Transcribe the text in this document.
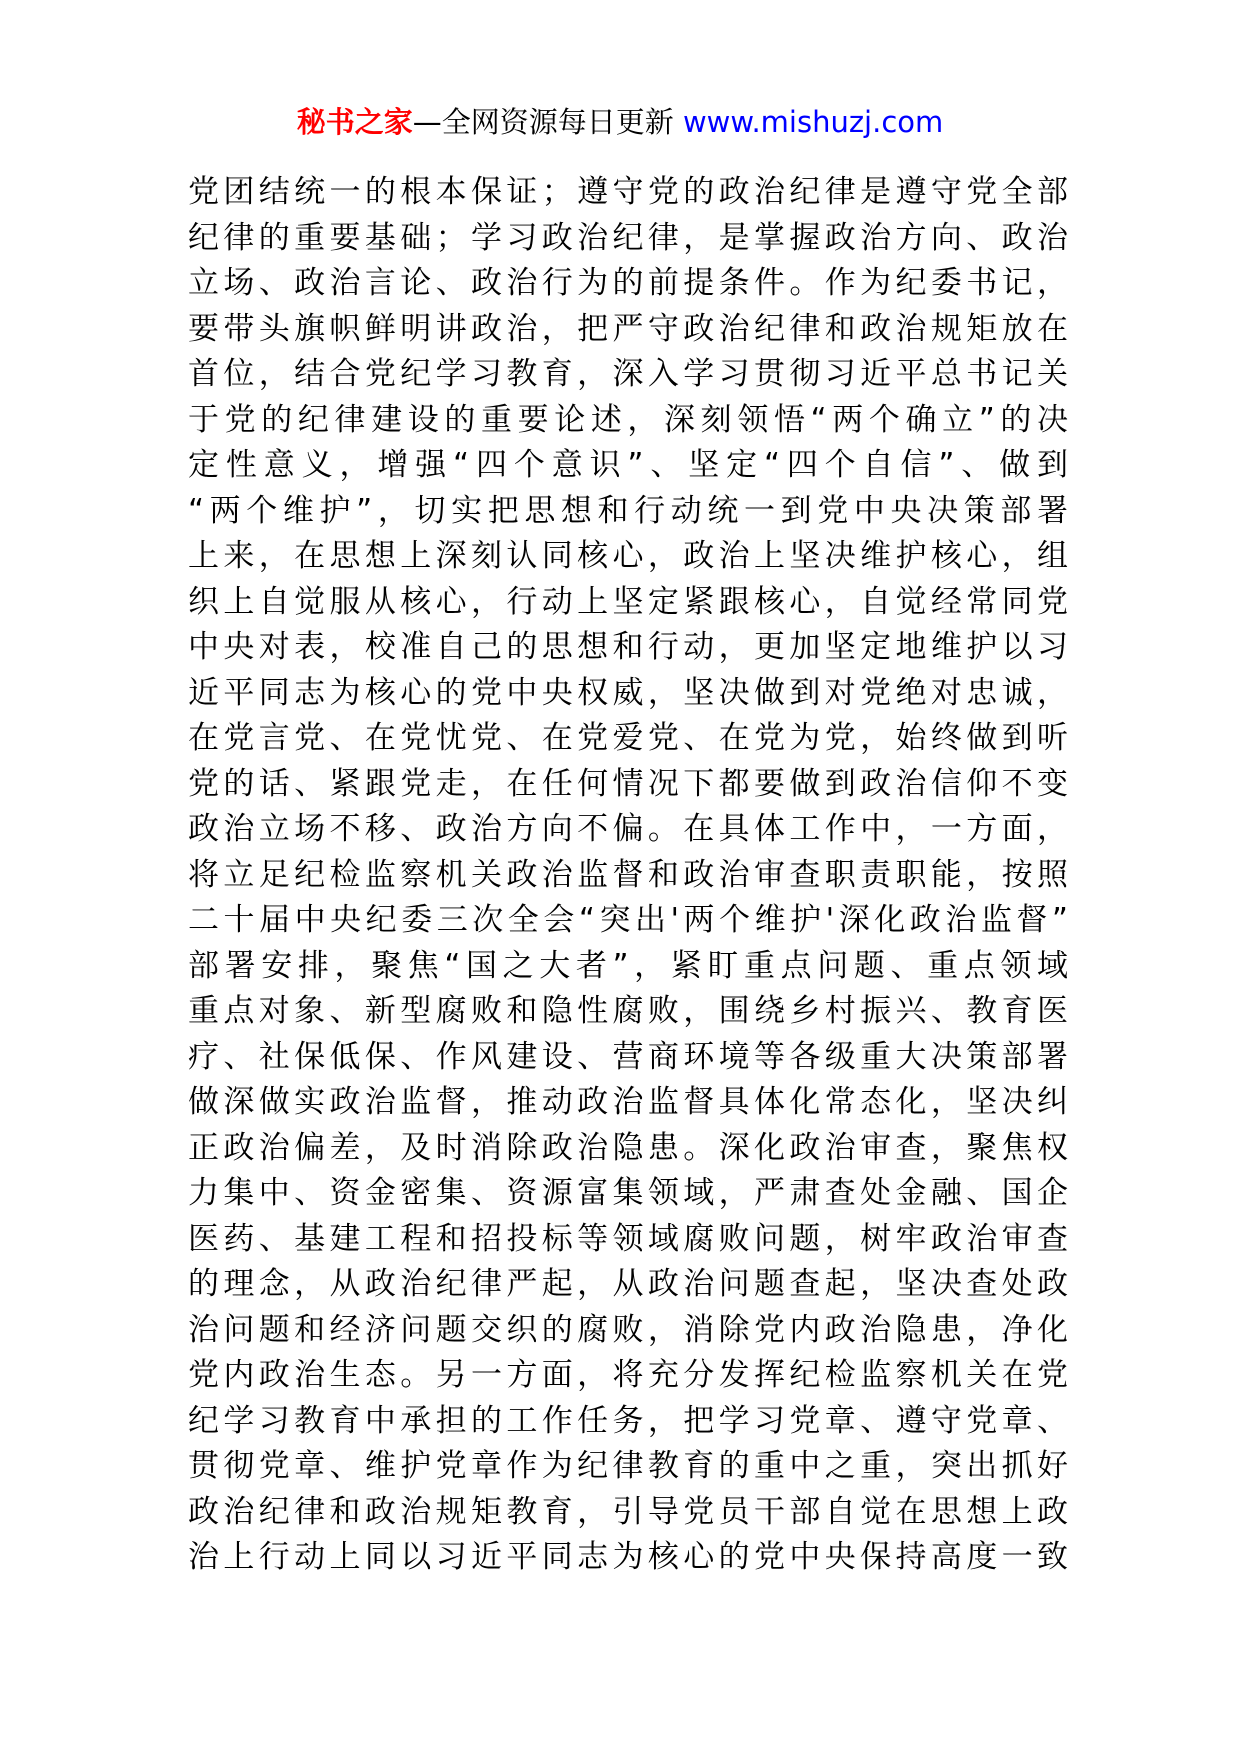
秘书之家—全网资源每日更新 www.mishuzj.com
党团结统一的根本保证；遵守党的政治纪律是遵守党全部
纪律的重要基础；学习政治纪律，是掌握政治方向、政治
立场、政治言论、政治行为的前提条件。作为纪委书记，
要带头旗帜鲜明讲政治，把严守政治纪律和政治规矩放在
首位，结合党纪学习教育，深入学习贯彻习近平总书记关
于党的纪律建设的重要论述，深刻领悟“两个确立”的决
定性意义，增强“四个意识”、坚定“四个自信”、做到
“两个维护”，切实把思想和行动统一到党中央决策部署
上来，在思想上深刻认同核心，政治上坚决维护核心，组
织上自觉服从核心，行动上坚定紧跟核心，自觉经常同党
中央对表，校准自己的思想和行动，更加坚定地维护以习
近平同志为核心的党中央权威，坚决做到对党绝对忠诚，
在党言党、在党忧党、在党爱党、在党为党，始终做到听
党的话、紧跟党走，在任何情况下都要做到政治信仰不变
政治立场不移、政治方向不偏。在具体工作中，一方面，
将立足纪检监察机关政治监督和政治审查职责职能，按照
二十届中央纪委三次全会“突出'两个维护'深化政治监督”
部署安排，聚焦“国之大者”，紧盯重点问题、重点领域
重点对象、新型腐败和隐性腐败，围绕乡村振兴、教育医
疗、社保低保、作风建设、营商环境等各级重大决策部署
做深做实政治监督，推动政治监督具体化常态化，坚决纠
正政治偏差，及时消除政治隐患。深化政治审查，聚焦权
力集中、资金密集、资源富集领域，严肃查处金融、国企
医药、基建工程和招投标等领域腐败问题，树牢政治审查
的理念，从政治纪律严起，从政治问题查起，坚决查处政
治问题和经济问题交织的腐败，消除党内政治隐患，净化
党内政治生态。另一方面，将充分发挥纪检监察机关在党
纪学习教育中承担的工作任务，把学习党章、遵守党章、
贯彻党章、维护党章作为纪律教育的重中之重，突出抓好
政治纪律和政治规矩教育，引导党员干部自觉在思想上政
治上行动上同以习近平同志为核心的党中央保持高度一致
